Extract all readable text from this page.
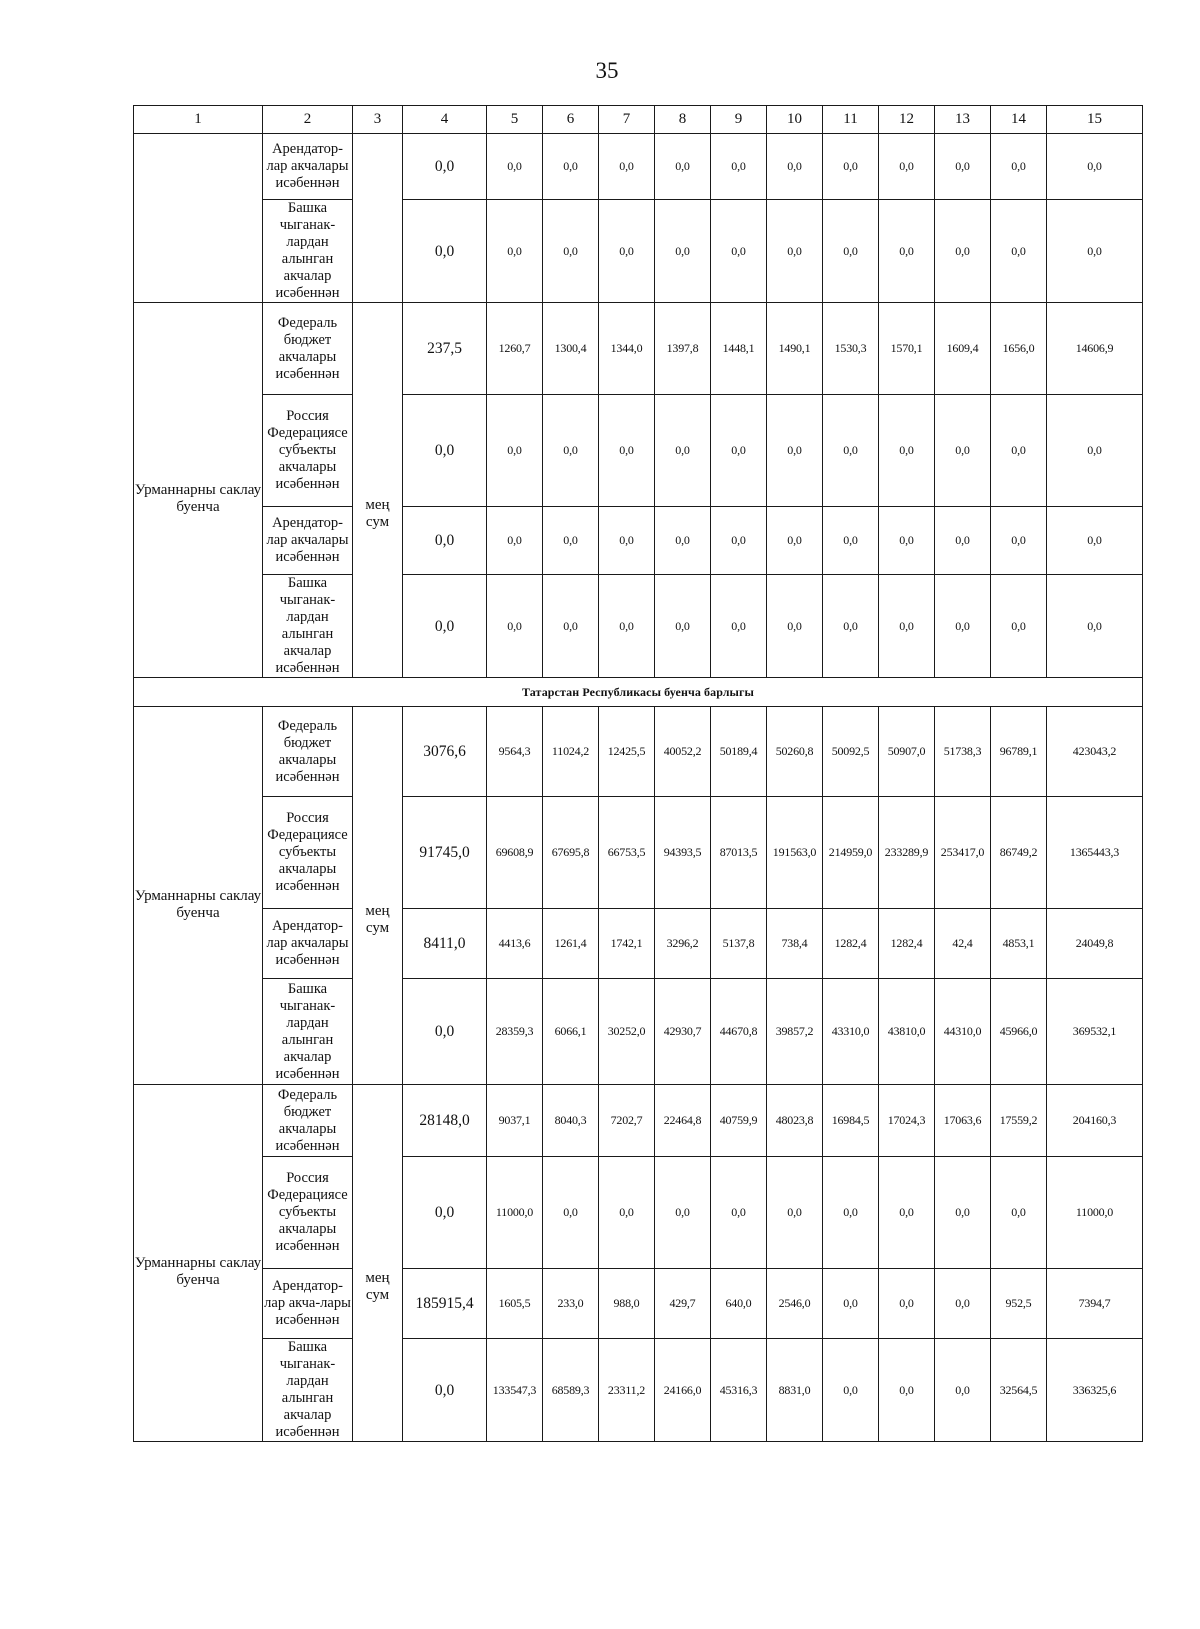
35
1	2	3	4	5	6	7	8	9	10	11	12	13	14	15
	Арендатор-лар акчалары исәбеннән		0,0	0,0	0,0	0,0	0,0	0,0	0,0	0,0	0,0	0,0	0,0	0,0
	Башка чыганак-лардан алынган акчалар исәбеннән		0,0	0,0	0,0	0,0	0,0	0,0	0,0	0,0	0,0	0,0	0,0	0,0
Урманнарны саклау буенча	Федераль бюджет акчалары исәбеннән	мең сум	237,5	1260,7	1300,4	1344,0	1397,8	1448,1	1490,1	1530,3	1570,1	1609,4	1656,0	14606,9
	Россия Федерациясе субъекты акчалары исәбеннән		0,0	0,0	0,0	0,0	0,0	0,0	0,0	0,0	0,0	0,0	0,0	0,0
	Арендатор-лар акчалары исәбеннән		0,0	0,0	0,0	0,0	0,0	0,0	0,0	0,0	0,0	0,0	0,0	0,0
	Башка чыганак-лардан алынган акчалар исәбеннән		0,0	0,0	0,0	0,0	0,0	0,0	0,0	0,0	0,0	0,0	0,0	0,0
Татарстан Республикасы буенча барлыгы														
Урманнарны саклау буенча	Федераль бюджет акчалары исәбеннән	мең сум	3076,6	9564,3	11024,2	12425,5	40052,2	50189,4	50260,8	50092,5	50907,0	51738,3	96789,1	423043,2
	Россия Федерациясе субъекты акчалары исәбеннән		91745,0	69608,9	67695,8	66753,5	94393,5	87013,5	191563,0	214959,0	233289,9	253417,0	86749,2	1365443,3
	Арендатор-лар акчалары исәбеннән		8411,0	4413,6	1261,4	1742,1	3296,2	5137,8	738,4	1282,4	1282,4	42,4	4853,1	24049,8
	Башка чыганак-лардан алынган акчалар исәбеннән		0,0	28359,3	6066,1	30252,0	42930,7	44670,8	39857,2	43310,0	43810,0	44310,0	45966,0	369532,1
Урманнарны саклау буенча	Федераль бюджет акчалары исәбеннән	мең сум	28148,0	9037,1	8040,3	7202,7	22464,8	40759,9	48023,8	16984,5	17024,3	17063,6	17559,2	204160,3
	Россия Федерациясе субъекты акчалары исәбеннән		0,0	11000,0	0,0	0,0	0,0	0,0	0,0	0,0	0,0	0,0	0,0	11000,0
	Арендатор-лар акча-лары исәбеннән		185915,4	1605,5	233,0	988,0	429,7	640,0	2546,0	0,0	0,0	0,0	952,5	7394,7
	Башка чыганак-лардан алынган акчалар исәбеннән		0,0	133547,3	68589,3	23311,2	24166,0	45316,3	8831,0	0,0	0,0	0,0	32564,5	336325,6
